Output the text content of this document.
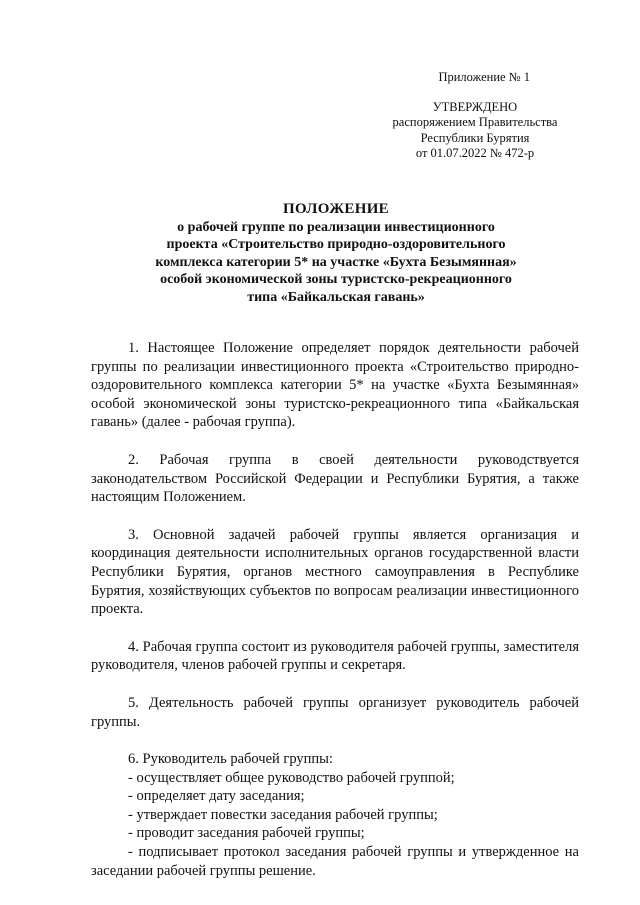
Приложение № 1
УТВЕРЖДЕНО
распоряжением Правительства
Республики Бурятия
от 01.07.2022 № 472-р
ПОЛОЖЕНИЕ
о рабочей группе по реализации инвестиционного
проекта «Строительство природно-оздоровительного
комплекса категории 5* на участке «Бухта Безымянная»
особой экономической зоны туристско-рекреационного
типа «Байкальская гавань»

1. Настоящее Положение определяет порядок деятельности рабочей группы по реализации инвестиционного проекта «Строительство природно-оздоровительного комплекса категории 5* на участке «Бухта Безымянная» особой экономической зоны туристско-рекреационного типа «Байкальская гавань» (далее - рабочая группа).

2. Рабочая группа в своей деятельности руководствуется законодательством Российской Федерации и Республики Бурятия, а также настоящим Положением.

3. Основной задачей рабочей группы является организация и координация деятельности исполнительных органов государственной власти Республики Бурятия, органов местного самоуправления в Республике Бурятия, хозяйствующих субъектов по вопросам реализации инвестиционного проекта.

4. Рабочая группа состоит из руководителя рабочей группы, заместителя руководителя, членов рабочей группы и секретаря.

5. Деятельность рабочей группы организует руководитель рабочей группы.

6. Руководитель рабочей группы:

- осуществляет общее руководство рабочей группой;

- определяет дату заседания;

- утверждает повестки заседания рабочей группы;

- проводит заседания рабочей группы;

- подписывает протокол заседания рабочей группы и утвержденное на заседании рабочей группы решение.
